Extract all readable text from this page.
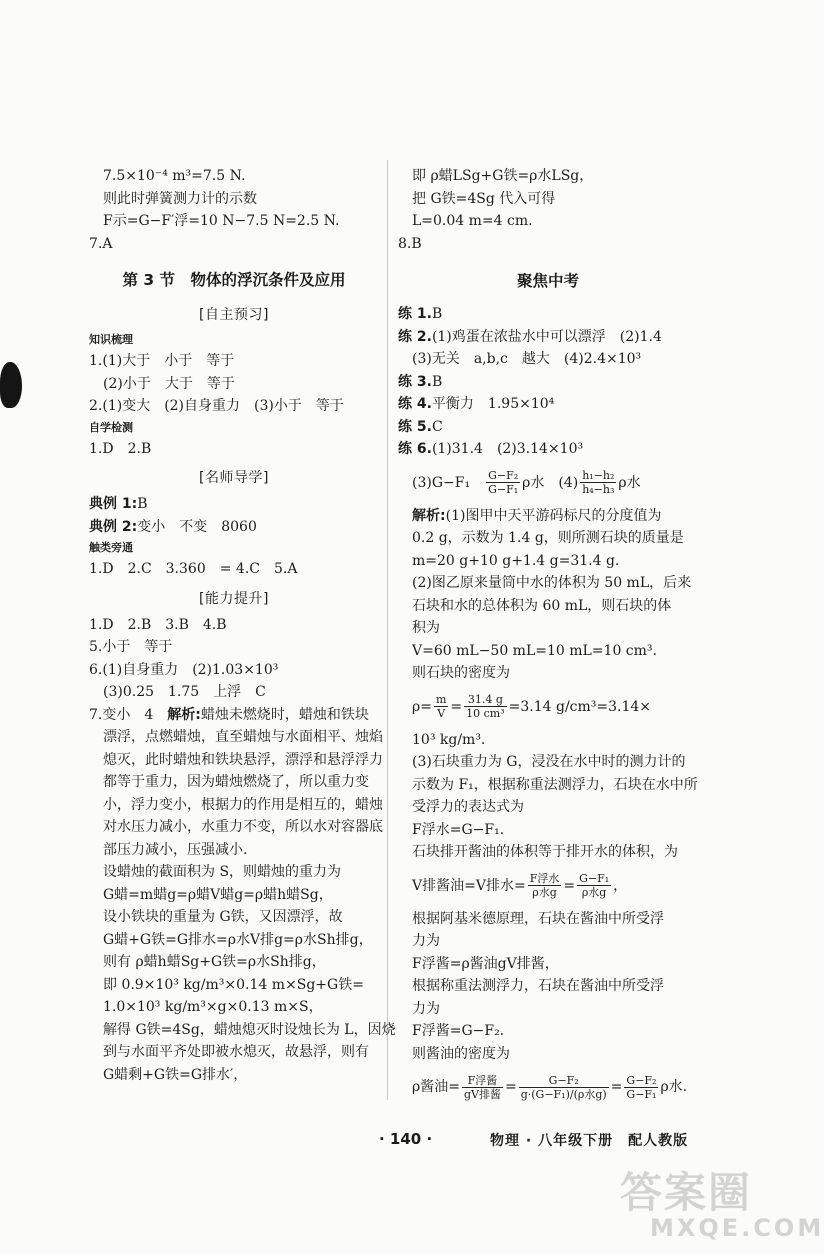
7.5×10⁻⁴ m³=7.5 N.
则此时弹簧测力计的示数
F示=G−F′浮=10 N−7.5 N=2.5 N.
7.A
第 3 节　物体的浮沉条件及应用
[自主预习]
知识梳理
1.(1)大于　小于　等于
(2)小于　大于　等于
2.(1)变大　(2)自身重力　(3)小于　等于
自学检测
1.D　2.B
[名师导学]
典例 1:B
典例 2:变小　不变　8060
触类旁通
1.D　2.C　3.360　= 4.C　5.A
[能力提升]
1.D　2.B　3.B　4.B
5.小于　等于
6.(1)自身重力　(2)1.03×10³
(3)0.25　1.75　上浮　C
7.变小　4　解析:蜡烛未燃烧时，蜡烛和铁块
漂浮，点燃蜡烛，直至蜡烛与水面相平、烛焰
熄灭，此时蜡烛和铁块悬浮，漂浮和悬浮浮力
都等于重力，因为蜡烛燃烧了，所以重力变
小，浮力变小，根据力的作用是相互的，蜡烛
对水压力减小，水重力不变，所以水对容器底
部压力减小，压强减小.
设蜡烛的截面积为 S，则蜡烛的重力为
G蜡=m蜡g=ρ蜡V蜡g=ρ蜡h蜡Sg，
设小铁块的重量为 G铁，又因漂浮，故
G蜡+G铁=G排水=ρ水V排g=ρ水Sh排g，
则有 ρ蜡h蜡Sg+G铁=ρ水Sh排g，
即 0.9×10³ kg/m³×0.14 m×Sg+G铁=
1.0×10³ kg/m³×g×0.13 m×S，
解得 G铁=4Sg，蜡烛熄灭时设烛长为 L，因烧
到与水面平齐处即被水熄灭，故悬浮，则有
G蜡剩+G铁=G排水′，
即 ρ蜡LSg+G铁=ρ水LSg，
把 G铁=4Sg 代入可得
L=0.04 m=4 cm.
8.B
聚焦中考
练 1.B
练 2.(1)鸡蛋在浓盐水中可以漂浮　(2)1.4
(3)无关　a,b,c　越大　(4)2.4×10³
练 3.B
练 4.平衡力　1.95×10⁴
练 5.C
练 6.(1)31.4　(2)3.14×10³
(3)G−F₁　 $\frac{\text{G−F₂}}{\text{G−F₁}}$ ρ水　$(4) \frac{\text{h₁−h₂}}{\text{h₄−h₃}}$ ρ水
解析:(1)图甲中天平游码标尺的分度值为
0.2 g，示数为 1.4 g，则所测石块的质量是
m=20 g+10 g+1.4 g=31.4 g.
(2)图乙原来量筒中水的体积为 50 mL，后来
石块和水的总体积为 60 mL，则石块的体
积为
V=60 mL−50 mL=10 mL=10 cm³.
则石块的密度为
$\rho= \frac{m}{V} = \frac{31.4 g}{\text{10 cm³}} =3.14$ g/cm³=3.14×
10³ kg/m³.
(3)石块重力为 G，浸没在水中时的测力计的
示数为 F₁，根据称重法测浮力，石块在水中所
受浮力的表达式为
F浮水=G−F₁.
石块排开酱油的体积等于排开水的体积，为
V排酱油=V排水= $\frac{\text{F浮水}}{\text{ρ水g}} = \frac{\text{G−F₁}}{\text{ρ水g}}$ ，
根据阿基米德原理，石块在酱油中所受浮
力为
F浮酱=ρ酱油gV排酱，
根据称重法测浮力，石块在酱油中所受浮
力为
F浮酱=G−F₂.
则酱油的密度为
ρ酱油= $\frac{\text{F浮酱}}{\text{gV排酱}} = \frac{\text{G−F₂}}{\text{g·(G−F₁)/(ρ水g)}} = \frac{\text{G−F₂}}{\text{G−F₁}}$ ρ水.
· 140 ·	物理 · 八年级下册　配人教版
答案圈
MXQE.COM
